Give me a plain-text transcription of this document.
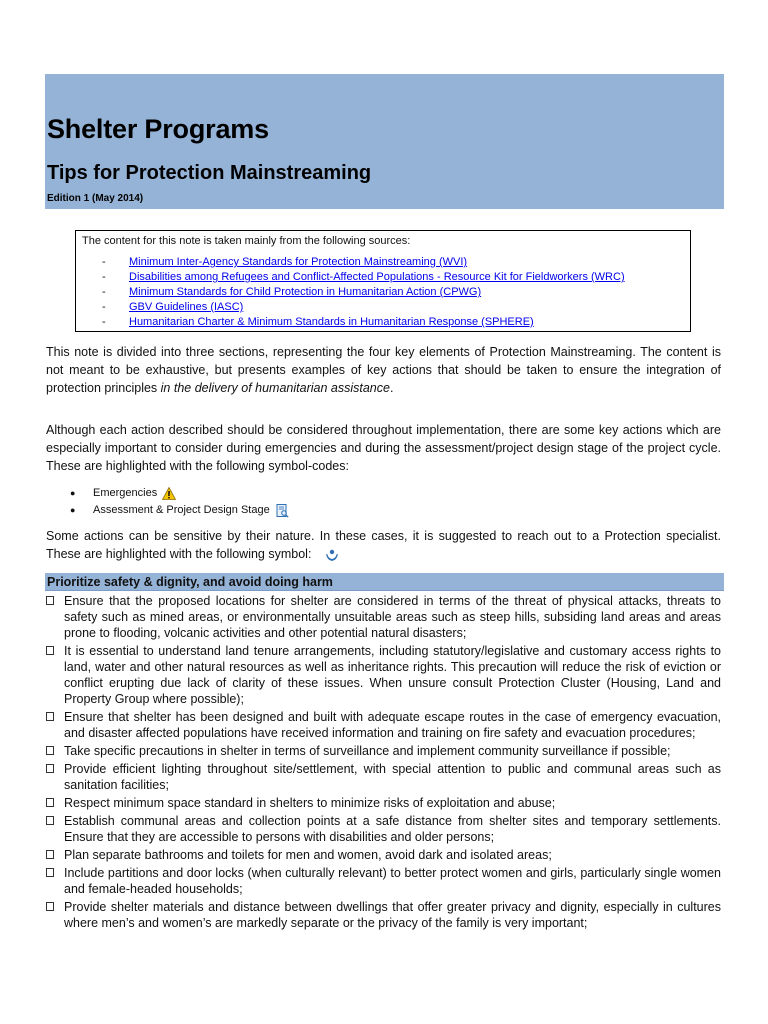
Shelter Programs
Tips for Protection Mainstreaming
Edition 1 (May 2014)
The content for this note is taken mainly from the following sources:
-	Minimum Inter-Agency Standards for Protection Mainstreaming (WVI)
-	Disabilities among Refugees and Conflict-Affected Populations - Resource Kit for Fieldworkers (WRC)
-	Minimum Standards for Child Protection in Humanitarian Action (CPWG)
-	GBV Guidelines (IASC)
-	Humanitarian Charter & Minimum Standards in Humanitarian Response (SPHERE)

This note is divided into three sections, representing the four key elements of Protection Mainstreaming. The content is not meant to be exhaustive, but presents examples of key actions that should be taken to ensure the integration of protection principles in the delivery of humanitarian assistance.

Although each action described should be considered throughout implementation, there are some key actions which are especially important to consider during emergencies and during the assessment/project design stage of the project cycle. These are highlighted with the following symbol-codes:

●	Emergencies
●	Assessment & Project Design Stage

Some actions can be sensitive by their nature. In these cases, it is suggested to reach out to a Protection specialist. These are highlighted with the following symbol:

Prioritize safety & dignity, and avoid doing harm
Ensure that the proposed locations for shelter are considered in terms of the threat of physical attacks, threats to safety such as mined areas, or environmentally unsuitable areas such as steep hills, subsiding land areas and areas prone to flooding, volcanic activities and other potential natural disasters;
It is essential to understand land tenure arrangements, including statutory/legislative and customary access rights to land, water and other natural resources as well as inheritance rights. This precaution will reduce the risk of eviction or conflict erupting due lack of clarity of these issues. When unsure consult Protection Cluster (Housing, Land and Property Group where possible);
Ensure that shelter has been designed and built with adequate escape routes in the case of emergency evacuation, and disaster affected populations have received information and training on fire safety and evacuation procedures;
Take specific precautions in shelter in terms of surveillance and implement community surveillance if possible;
Provide efficient lighting throughout site/settlement, with special attention to public and communal areas such as sanitation facilities;
Respect minimum space standard in shelters to minimize risks of exploitation and abuse;
Establish communal areas and collection points at a safe distance from shelter sites and temporary settlements. Ensure that they are accessible to persons with disabilities and older persons;
Plan separate bathrooms and toilets for men and women, avoid dark and isolated areas;
Include partitions and door locks (when culturally relevant) to better protect women and girls, particularly single women and female-headed households;
Provide shelter materials and distance between dwellings that offer greater privacy and dignity, especially in cultures where men’s and women’s are markedly separate or the privacy of the family is very important;
